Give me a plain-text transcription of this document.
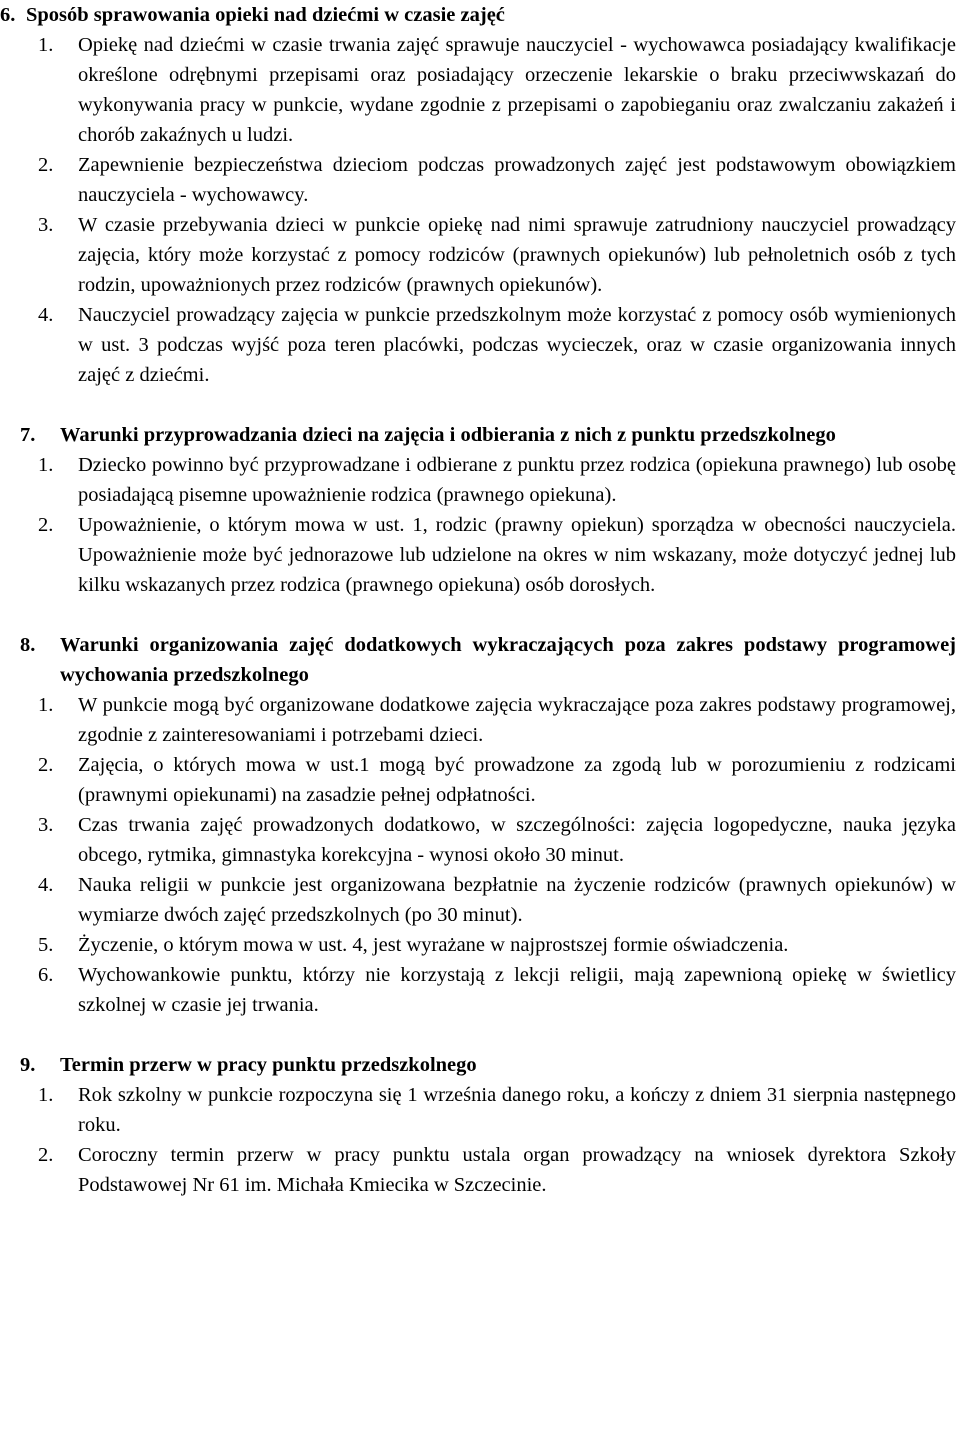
6. Sposób sprawowania opieki nad dziećmi w czasie zajęć

1. Opiekę nad dziećmi w czasie trwania zajęć sprawuje nauczyciel - wychowawca posiadający kwalifikacje określone odrębnymi przepisami oraz posiadający orzeczenie lekarskie o braku przeciwwskazań do wykonywania pracy w punkcie, wydane zgodnie z przepisami o zapobieganiu oraz zwalczaniu zakażeń i chorób zakaźnych u ludzi.
2. Zapewnienie bezpieczeństwa dzieciom podczas prowadzonych zajęć jest podstawowym obowiązkiem nauczyciela - wychowawcy.
3. W czasie przebywania dzieci w punkcie opiekę nad nimi sprawuje zatrudniony nauczyciel prowadzący zajęcia, który może korzystać z pomocy rodziców (prawnych opiekunów) lub pełnoletnich osób z tych rodzin, upoważnionych przez rodziców (prawnych opiekunów).
4. Nauczyciel prowadzący zajęcia w punkcie przedszkolnym może korzystać z pomocy osób wymienionych w ust. 3 podczas wyjść poza teren placówki, podczas wycieczek, oraz w czasie organizowania innych zajęć z dziećmi.
7. Warunki przyprowadzania dzieci na zajęcia i odbierania z nich z punktu przedszkolnego
1. Dziecko powinno być przyprowadzane i odbierane z punktu przez rodzica (opiekuna prawnego) lub osobę posiadającą pisemne upoważnienie rodzica (prawnego opiekuna).
2. Upoważnienie, o którym mowa w ust. 1, rodzic (prawny opiekun) sporządza w obecności nauczyciela. Upoważnienie może być jednorazowe lub udzielone na okres w nim wskazany, może dotyczyć jednej lub kilku wskazanych przez rodzica (prawnego opiekuna) osób dorosłych.
8. Warunki organizowania zajęć dodatkowych wykraczających poza zakres podstawy programowej wychowania przedszkolnego
1. W punkcie mogą być organizowane dodatkowe zajęcia wykraczające poza zakres podstawy programowej, zgodnie z zainteresowaniami i potrzebami dzieci.
2. Zajęcia, o których mowa w ust.1 mogą być prowadzone za zgodą lub w porozumieniu z rodzicami (prawnymi opiekunami) na zasadzie pełnej odpłatności.
3. Czas trwania zajęć prowadzonych dodatkowo, w szczególności: zajęcia logopedyczne, nauka języka obcego, rytmika, gimnastyka korekcyjna - wynosi około 30 minut.
4. Nauka religii w punkcie jest organizowana bezpłatnie na życzenie rodziców (prawnych opiekunów) w wymiarze dwóch zajęć przedszkolnych (po 30 minut).
5. Życzenie, o którym mowa w ust. 4, jest wyrażane w najprostszej formie oświadczenia.
6. Wychowankowie punktu, którzy nie korzystają z lekcji religii, mają zapewnioną opiekę w świetlicy szkolnej w czasie jej trwania.
9. Termin przerw w pracy punktu przedszkolnego
1. Rok szkolny w punkcie rozpoczyna się 1 września danego roku, a kończy z dniem 31 sierpnia następnego roku.
2. Coroczny termin przerw w pracy punktu ustala organ prowadzący na wniosek dyrektora Szkoły Podstawowej Nr 61 im. Michała Kmiecika w Szczecinie.
